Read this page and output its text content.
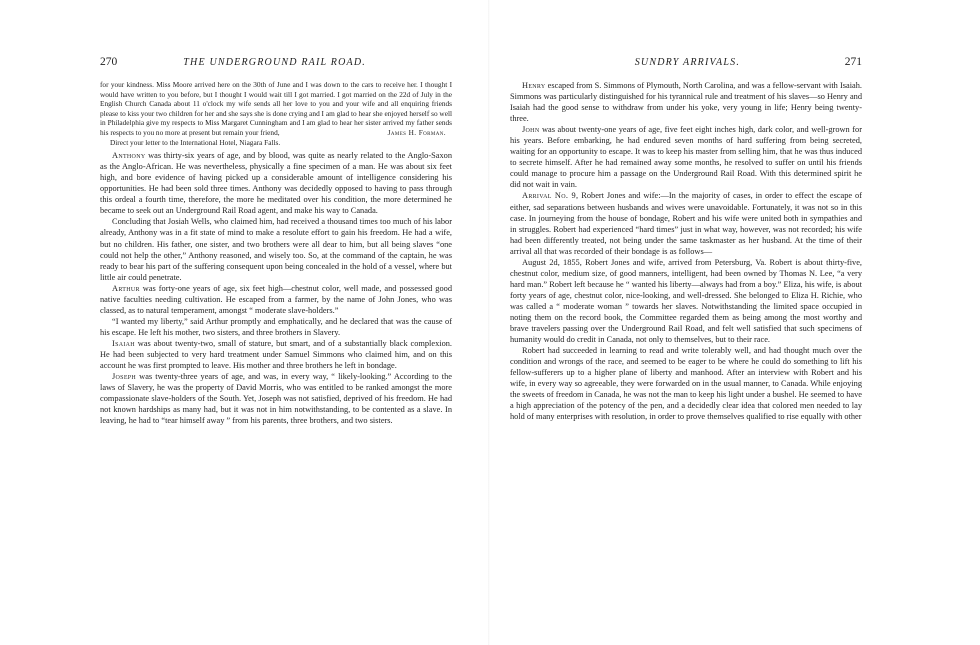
270	THE UNDERGROUND RAIL ROAD.

for your kindness. Miss Moore arrived here on the 30th of June and I was down to the cars to receive her. I thought I would have written to you before, but I thought I would wait till I got married. I got married on the 22d of July in the English Church Canada about 11 o'clock my wife sends all her love to you and your wife and all enquiring friends please to kiss your two children for her and she says she is done crying and I am glad to hear she enjoyed herself so well in Philadelphia give my respects to Miss Margaret Cunningham and I am glad to hear her sister arrived my father sends his respects to you no more at present but remain your friend,	James H. Forman.

Direct your letter to the International Hotel, Niagara Falls.

Anthony was thirty-six years of age, and by blood, was quite as nearly related to the Anglo-Saxon as the Anglo-African. He was nevertheless, physically a fine specimen of a man. He was about six feet high, and bore evidence of having picked up a considerable amount of intelligence considering his opportunities. He had been sold three times. Anthony was decidedly opposed to having to pass through this ordeal a fourth time, therefore, the more he meditated over his condition, the more determined he became to seek out an Underground Rail Road agent, and make his way to Canada.

Concluding that Josiah Wells, who claimed him, had received a thousand times too much of his labor already, Anthony was in a fit state of mind to make a resolute effort to gain his freedom. He had a wife, but no children. His father, one sister, and two brothers were all dear to him, but all being slaves “one could not help the other,” Anthony reasoned, and wisely too. So, at the command of the captain, he was ready to bear his part of the suffering consequent upon being concealed in the hold of a vessel, where but little air could penetrate.

Arthur was forty-one years of age, six feet high—chestnut color, well made, and possessed good native faculties needing cultivation. He escaped from a farmer, by the name of John Jones, who was classed, as to natural temperament, amongst “ moderate slave-holders.”

“I wanted my liberty,” said Arthur promptly and emphatically, and he declared that was the cause of his escape. He left his mother, two sisters, and three brothers in Slavery.

Isaiah was about twenty-two, small of stature, but smart, and of a substantially black complexion. He had been subjected to very hard treatment under Samuel Simmons who claimed him, and on this account he was first prompted to leave. His mother and three brothers he left in bondage.

Joseph was twenty-three years of age, and was, in every way, “ likely-looking.” According to the laws of Slavery, he was the property of David Morris, who was entitled to be ranked amongst the more compassionate slave-holders of the South. Yet, Joseph was not satisfied, deprived of his freedom. He had not known hardships as many had, but it was not in him notwithstanding, to be contented as a slave. In leaving, he had to “tear himself away ” from his parents, three brothers, and two sisters.

SUNDRY ARRIVALS.	271

Henry escaped from S. Simmons of Plymouth, North Carolina, and was a fellow-servant with Isaiah. Simmons was particularly distinguished for his tyrannical rule and treatment of his slaves—so Henry and Isaiah had the good sense to withdraw from under his yoke, very young in life; Henry being twenty-three.

John was about twenty-one years of age, five feet eight inches high, dark color, and well-grown for his years. Before embarking, he had endured seven months of hard suffering from being secreted, waiting for an opportunity to escape. It was to keep his master from selling him, that he was thus induced to secrete himself. After he had remained away some months, he resolved to suffer on until his friends could manage to procure him a passage on the Underground Rail Road. With this determined spirit he did not wait in vain.

Arrival No. 9, Robert Jones and wife:—In the majority of cases, in order to effect the escape of either, sad separations between husbands and wives were unavoidable. Fortunately, it was not so in this case. In journeying from the house of bondage, Robert and his wife were united both in sympathies and in struggles. Robert had experienced “hard times” just in what way, however, was not recorded; his wife had been differently treated, not being under the same taskmaster as her husband. At the time of their arrival all that was recorded of their bondage is as follows—

August 2d, 1855, Robert Jones and wife, arrived from Petersburg, Va. Robert is about thirty-five, chestnut color, medium size, of good manners, intelligent, had been owned by Thomas N. Lee, “a very hard man.” Robert left because he “ wanted his liberty—always had from a boy.” Eliza, his wife, is about forty years of age, chestnut color, nice-looking, and well-dressed. She belonged to Eliza H. Richie, who was called a “ moderate woman ” towards her slaves. Notwithstanding the limited space occupied in noting them on the record book, the Committee regarded them as being among the most worthy and brave travelers passing over the Underground Rail Road, and felt well satisfied that such specimens of humanity would do credit in Canada, not only to themselves, but to their race.

Robert had succeeded in learning to read and write tolerably well, and had thought much over the condition and wrongs of the race, and seemed to be eager to be where he could do something to lift his fellow-sufferers up to a higher plane of liberty and manhood. After an interview with Robert and his wife, in every way so agreeable, they were forwarded on in the usual manner, to Canada. While enjoying the sweets of freedom in Canada, he was not the man to keep his light under a bushel. He seemed to have a high appreciation of the potency of the pen, and a decidedly clear idea that colored men needed to lay hold of many enterprises with resolution, in order to prove themselves qualified to rise equally with other
